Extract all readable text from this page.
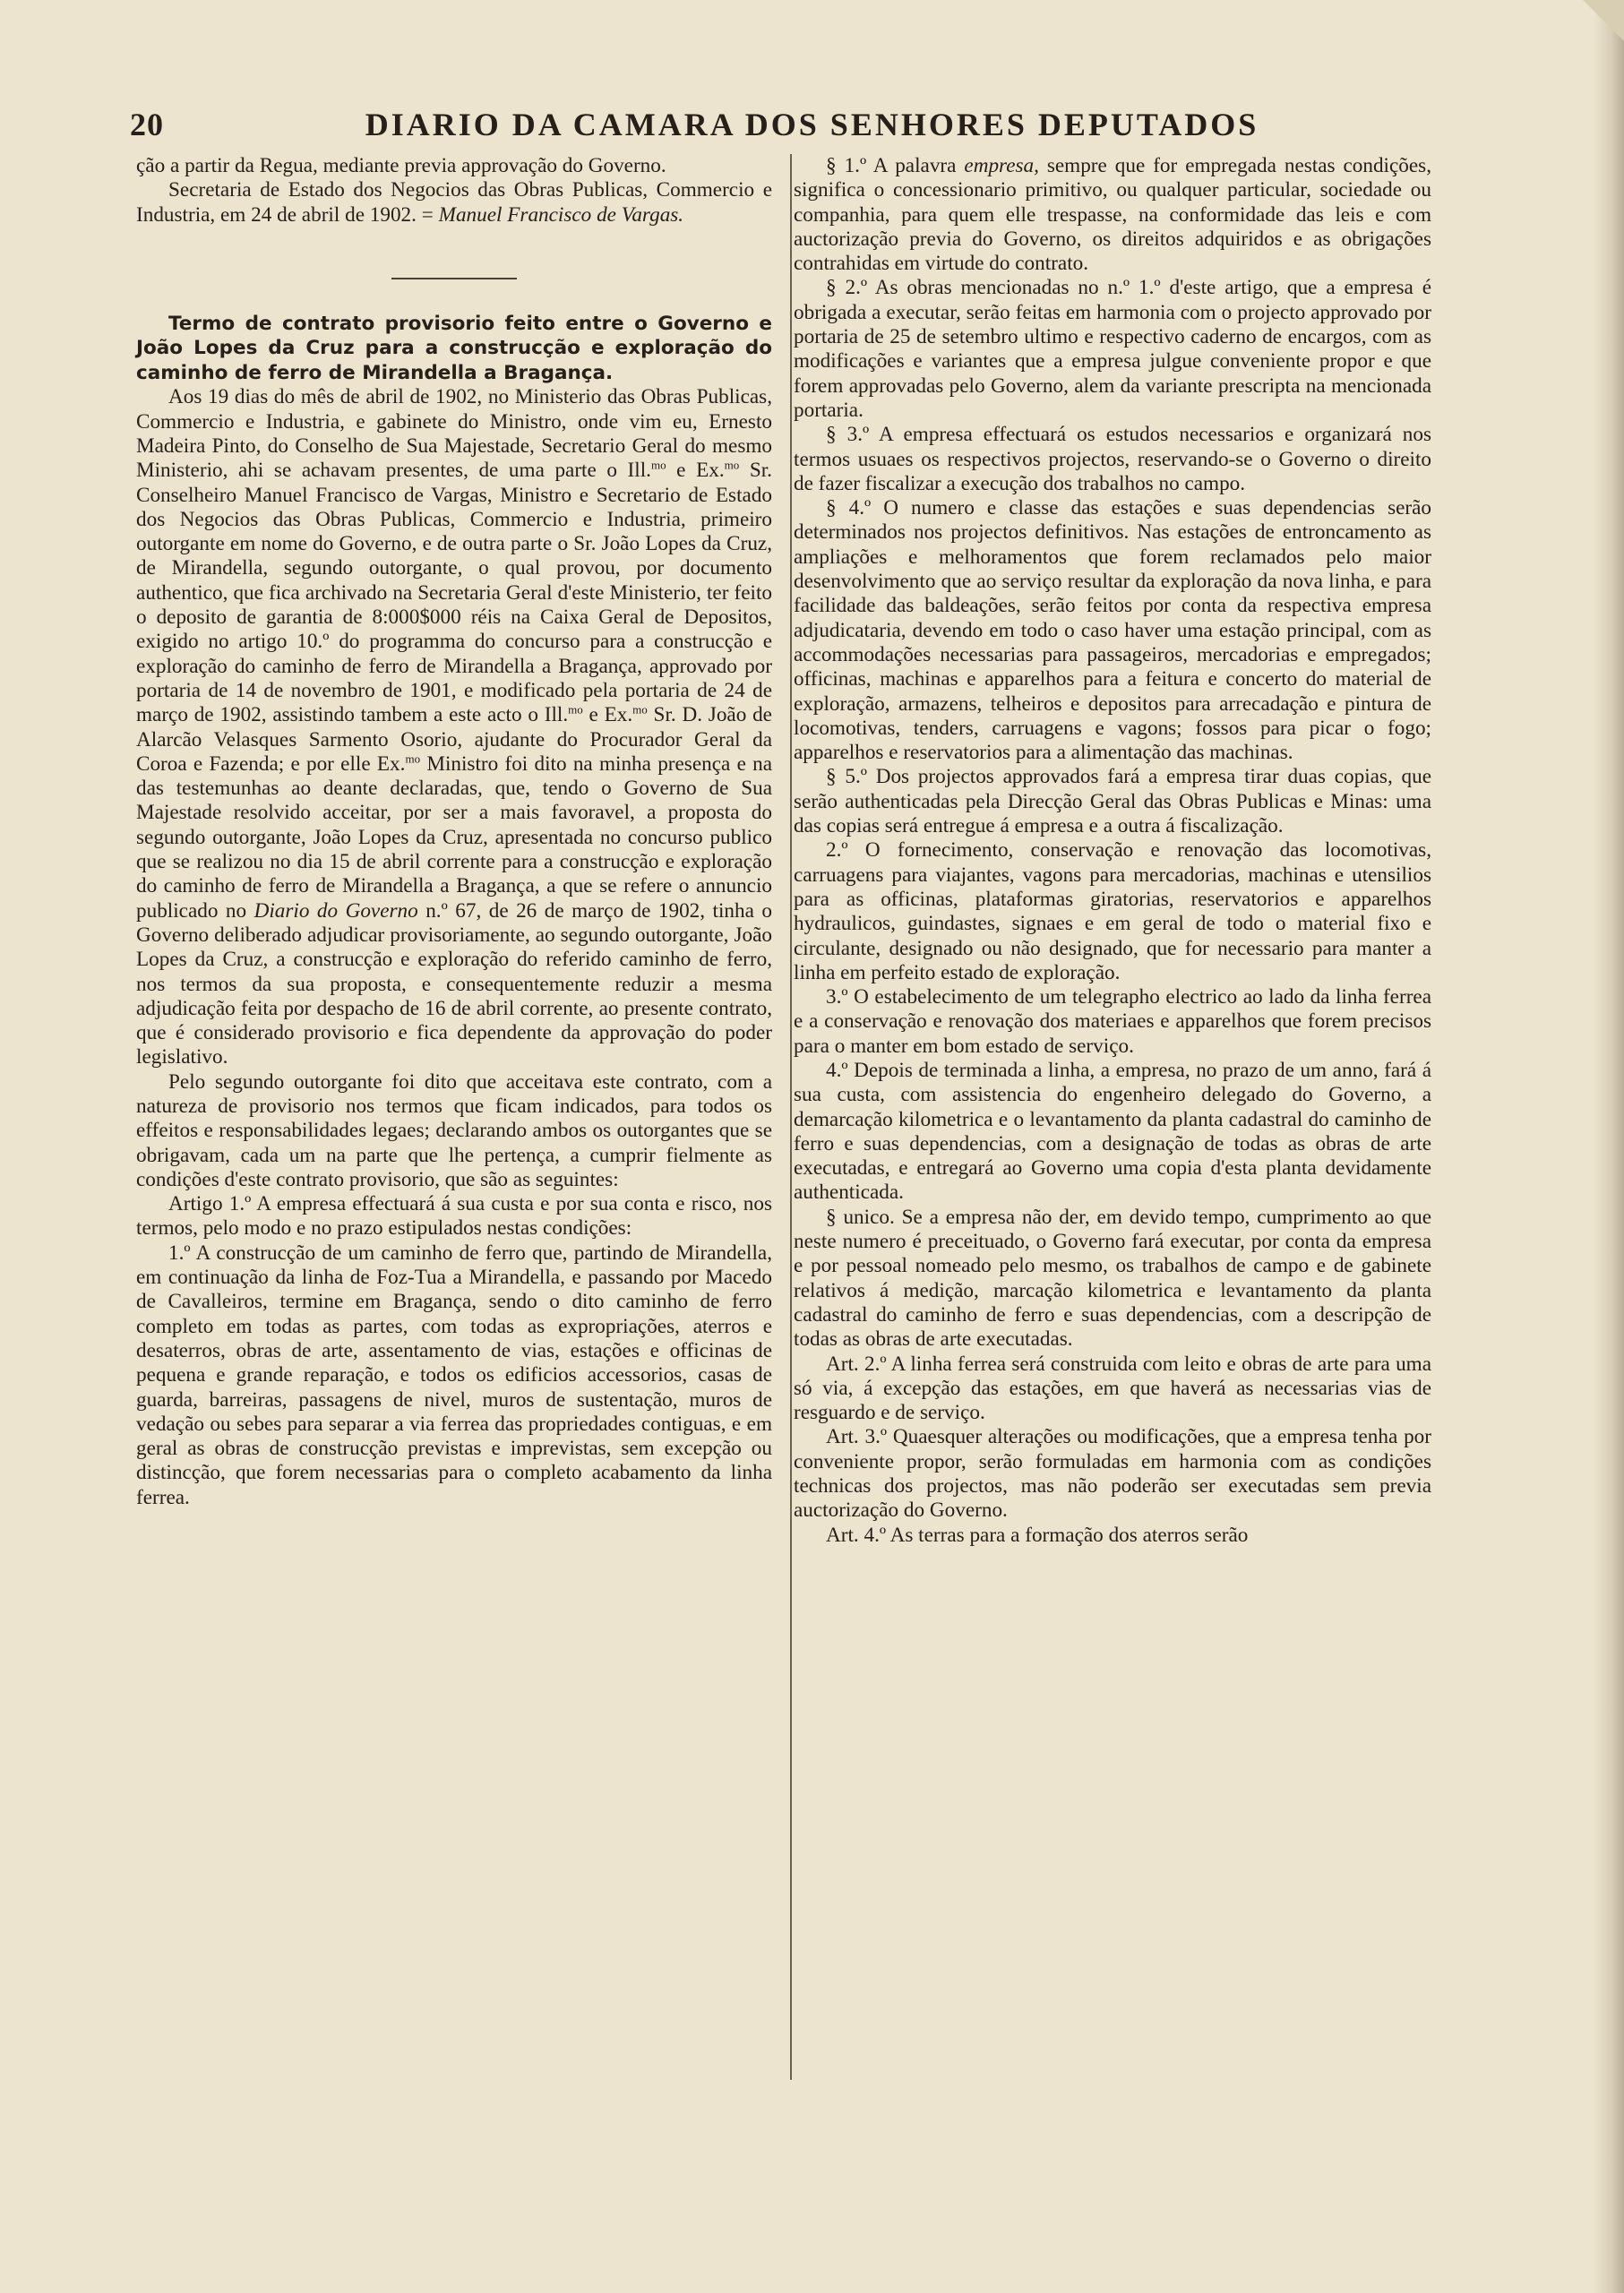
20	DIARIO DA CAMARA DOS SENHORES DEPUTADOS

ção a partir da Regua, mediante previa approvação do Governo.

Secretaria de Estado dos Negocios das Obras Publicas, Commercio e Industria, em 24 de abril de 1902. = Manuel Francisco de Vargas.

Termo de contrato provisorio feito entre o Governo e João Lopes da Cruz para a construcção e exploração do caminho de ferro de Mirandella a Bragança.

Aos 19 dias do mês de abril de 1902, no Ministerio das Obras Publicas, Commercio e Industria, e gabinete do Ministro, onde vim eu, Ernesto Madeira Pinto, do Conselho de Sua Majestade, Secretario Geral do mesmo Ministerio, ahi se achavam presentes, de uma parte o Ill.$^{mo}$ e Ex.$^{mo}$ Sr. Conselheiro Manuel Francisco de Vargas, Ministro e Secretario de Estado dos Negocios das Obras Publicas, Commercio e Industria, primeiro outorgante em nome do Governo, e de outra parte o Sr. João Lopes da Cruz, de Mirandella, segundo outorgante, o qual provou, por documento authentico, que fica archivado na Secretaria Geral d'este Ministerio, ter feito o deposito de garantia de 8:000$000 réis na Caixa Geral de Depositos, exigido no artigo 10.º do programma do concurso para a construcção e exploração do caminho de ferro de Mirandella a Bragança, approvado por portaria de 14 de novembro de 1901, e modificado pela portaria de 24 de março de 1902, assistindo tambem a este acto o Ill.$^{mo}$ e Ex.$^{mo}$ Sr. D. João de Alarcão Velasques Sarmento Osorio, ajudante do Procurador Geral da Coroa e Fazenda; e por elle Ex.$^{mo}$ Ministro foi dito na minha presença e na das testemunhas ao deante declaradas, que, tendo o Governo de Sua Majestade resolvido acceitar, por ser a mais favoravel, a proposta do segundo outorgante, João Lopes da Cruz, apresentada no concurso publico que se realizou no dia 15 de abril corrente para a construcção e exploração do caminho de ferro de Mirandella a Bragança, a que se refere o annuncio publicado no Diario do Governo n.º 67, de 26 de março de 1902, tinha o Governo deliberado adjudicar provisoriamente, ao segundo outorgante, João Lopes da Cruz, a construcção e exploração do referido caminho de ferro, nos termos da sua proposta, e consequentemente reduzir a mesma adjudicação feita por despacho de 16 de abril corrente, ao presente contrato, que é considerado provisorio e fica dependente da approvação do poder legislativo.

Pelo segundo outorgante foi dito que acceitava este contrato, com a natureza de provisorio nos termos que ficam indicados, para todos os effeitos e responsabilidades legaes; declarando ambos os outorgantes que se obrigavam, cada um na parte que lhe pertença, a cumprir fielmente as condições d'este contrato provisorio, que são as seguintes:

Artigo 1.º A empresa effectuará á sua custa e por sua conta e risco, nos termos, pelo modo e no prazo estipulados nestas condições:

1.º A construcção de um caminho de ferro que, partindo de Mirandella, em continuação da linha de Foz-Tua a Mirandella, e passando por Macedo de Cavalleiros, termine em Bragança, sendo o dito caminho de ferro completo em todas as partes, com todas as expropriações, aterros e desaterros, obras de arte, assentamento de vias, estações e officinas de pequena e grande reparação, e todos os edificios accessorios, casas de guarda, barreiras, passagens de nivel, muros de sustentação, muros de vedação ou sebes para separar a via ferrea das propriedades contiguas, e em geral as obras de construcção previstas e imprevistas, sem excepção ou distincção, que forem necessarias para o completo acabamento da linha ferrea.

§ 1.º A palavra empresa, sempre que for empregada nestas condições, significa o concessionario primitivo, ou qualquer particular, sociedade ou companhia, para quem elle trespasse, na conformidade das leis e com auctorização previa do Governo, os direitos adquiridos e as obrigações contrahidas em virtude do contrato.

§ 2.º As obras mencionadas no n.º 1.º d'este artigo, que a empresa é obrigada a executar, serão feitas em harmonia com o projecto approvado por portaria de 25 de setembro ultimo e respectivo caderno de encargos, com as modificações e variantes que a empresa julgue conveniente propor e que forem approvadas pelo Governo, alem da variante prescripta na mencionada portaria.

§ 3.º A empresa effectuará os estudos necessarios e organizará nos termos usuaes os respectivos projectos, reservando-se o Governo o direito de fazer fiscalizar a execução dos trabalhos no campo.

§ 4.º O numero e classe das estações e suas dependencias serão determinados nos projectos definitivos. Nas estações de entroncamento as ampliações e melhoramentos que forem reclamados pelo maior desenvolvimento que ao serviço resultar da exploração da nova linha, e para facilidade das baldeações, serão feitos por conta da respectiva empresa adjudicataria, devendo em todo o caso haver uma estação principal, com as accommodações necessarias para passageiros, mercadorias e empregados; officinas, machinas e apparelhos para a feitura e concerto do material de exploração, armazens, telheiros e depositos para arrecadação e pintura de locomotivas, tenders, carruagens e vagons; fossos para picar o fogo; apparelhos e reservatorios para a alimentação das machinas.

§ 5.º Dos projectos approvados fará a empresa tirar duas copias, que serão authenticadas pela Direcção Geral das Obras Publicas e Minas: uma das copias será entregue á empresa e a outra á fiscalização.

2.º O fornecimento, conservação e renovação das locomotivas, carruagens para viajantes, vagons para mercadorias, machinas e utensilios para as officinas, plataformas giratorias, reservatorios e apparelhos hydraulicos, guindastes, signaes e em geral de todo o material fixo e circulante, designado ou não designado, que for necessario para manter a linha em perfeito estado de exploração.

3.º O estabelecimento de um telegrapho electrico ao lado da linha ferrea e a conservação e renovação dos materiaes e apparelhos que forem precisos para o manter em bom estado de serviço.

4.º Depois de terminada a linha, a empresa, no prazo de um anno, fará á sua custa, com assistencia do engenheiro delegado do Governo, a demarcação kilometrica e o levantamento da planta cadastral do caminho de ferro e suas dependencias, com a designação de todas as obras de arte executadas, e entregará ao Governo uma copia d'esta planta devidamente authenticada.

§ unico. Se a empresa não der, em devido tempo, cumprimento ao que neste numero é preceituado, o Governo fará executar, por conta da empresa e por pessoal nomeado pelo mesmo, os trabalhos de campo e de gabinete relativos á medição, marcação kilometrica e levantamento da planta cadastral do caminho de ferro e suas dependencias, com a descripção de todas as obras de arte executadas.

Art. 2.º A linha ferrea será construida com leito e obras de arte para uma só via, á excepção das estações, em que haverá as necessarias vias de resguardo e de serviço.

Art. 3.º Quaesquer alterações ou modificações, que a empresa tenha por conveniente propor, serão formuladas em harmonia com as condições technicas dos projectos, mas não poderão ser executadas sem previa auctorização do Governo.

Art. 4.º As terras para a formação dos aterros serão
